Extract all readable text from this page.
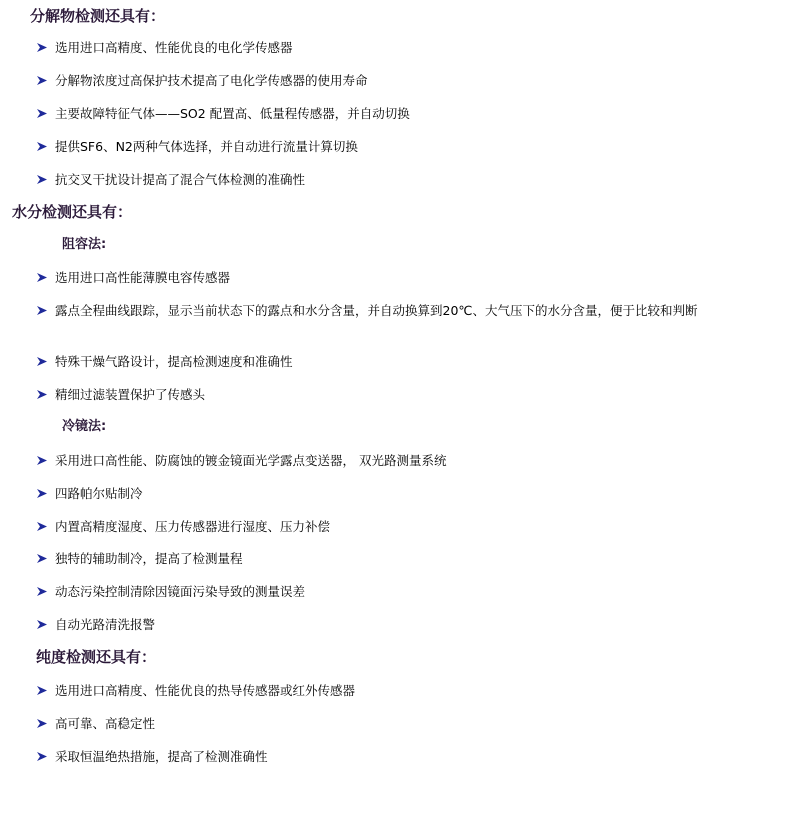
分解物检测还具有：
选用进口高精度、性能优良的电化学传感器
分解物浓度过高保护技术提高了电化学传感器的使用寿命
主要故障特征气体——SO2 配置高、低量程传感器，并自动切换
提供SF6、N2两种气体选择，并自动进行流量计算切换
抗交叉干扰设计提高了混合气体检测的准确性
水分检测还具有：
阻容法:
选用进口高性能薄膜电容传感器
露点全程曲线跟踪，显示当前状态下的露点和水分含量，并自动换算到20℃、大气压下的水分含量，便于比较和判断
特殊干燥气路设计，提高检测速度和准确性
精细过滤装置保护了传感头
冷镜法:
采用进口高性能、防腐蚀的镀金镜面光学露点变送器， 双光路测量系统
四路帕尔贴制冷
内置高精度湿度、压力传感器进行湿度、压力补偿
独特的辅助制冷，提高了检测量程
动态污染控制清除因镜面污染导致的测量误差
自动光路清洗报警
纯度检测还具有：
选用进口高精度、性能优良的热导传感器或红外传感器
高可靠、高稳定性
采取恒温绝热措施，提高了检测准确性
